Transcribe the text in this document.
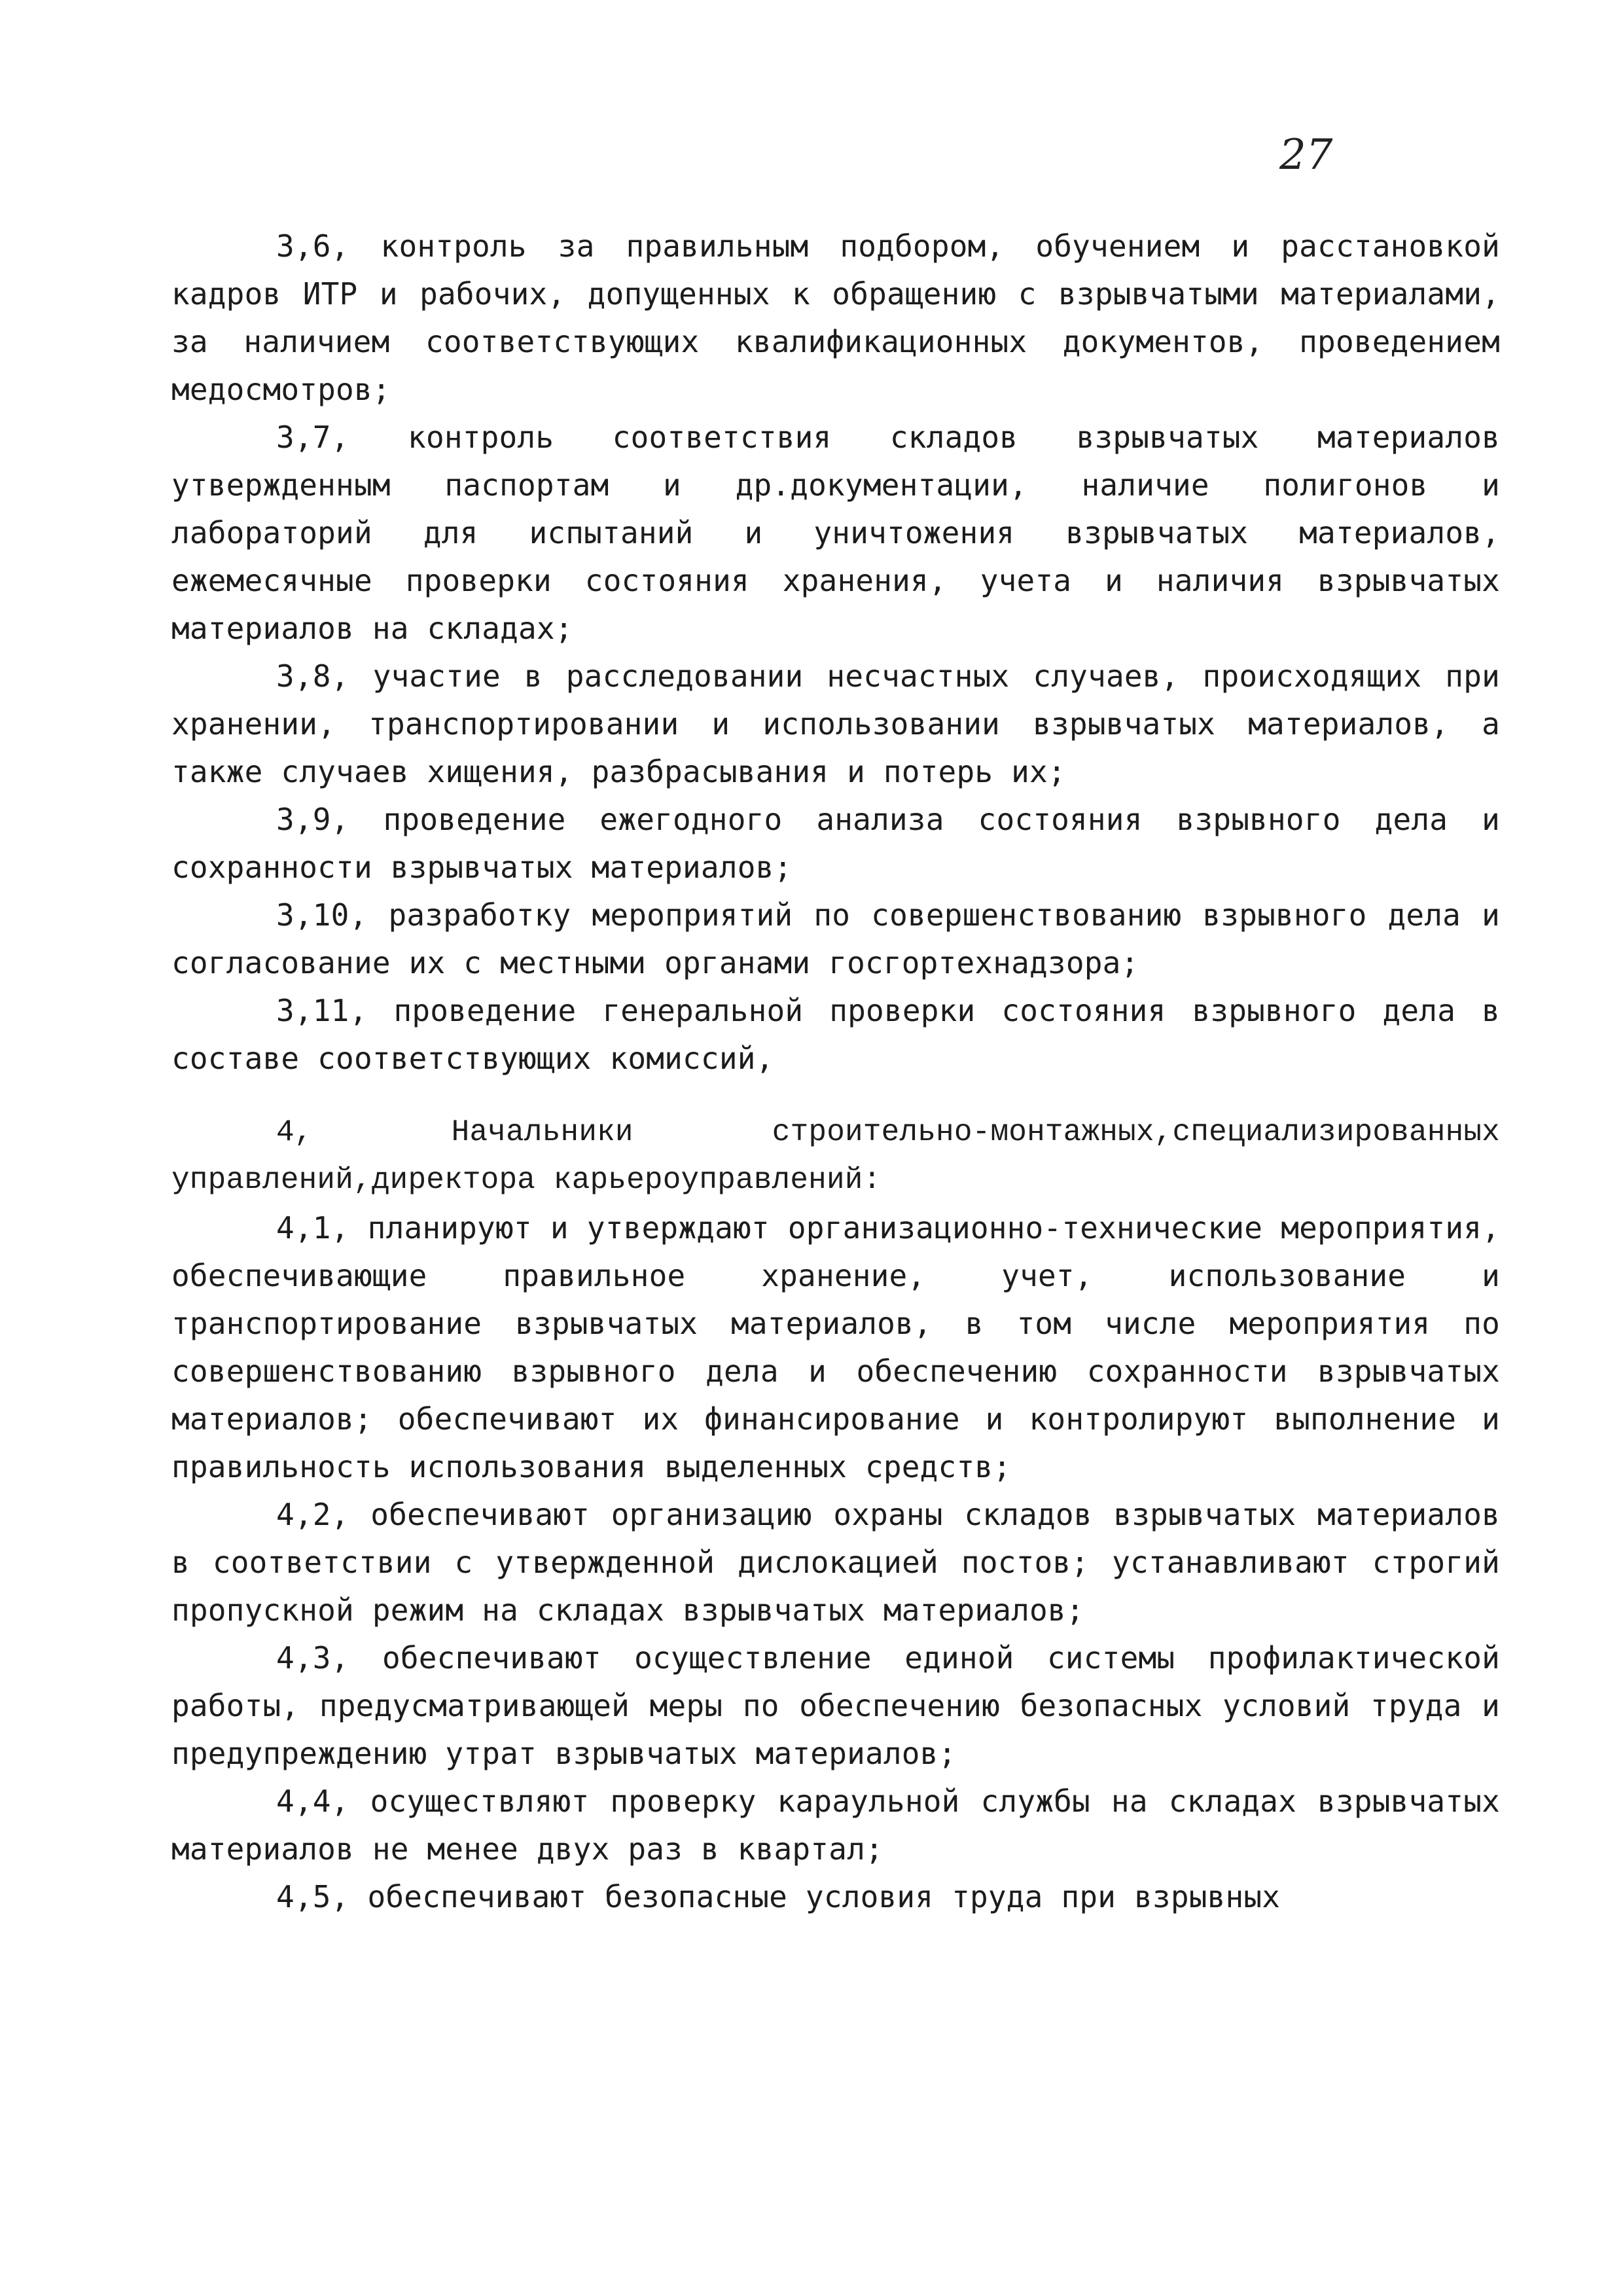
27

3,6, контроль за правильным подбором, обучением и расстановкой кадров ИТР и рабочих, допущенных к обращению с взрывчатыми материалами, за наличием соответствующих квалификационных документов, проведением медосмотров;

3,7, контроль соответствия складов взрывчатых материалов утвержденным паспортам и др.документации, наличие полигонов и лабораторий для испытаний и уничтожения взрывчатых материалов, ежемесячные проверки состояния хранения, учета и наличия взрывчатых материалов на складах;

3,8, участие в расследовании несчастных случаев, происходящих при хранении, транспортировании и использовании взрывчатых материалов, а также случаев хищения, разбрасывания и потерь их;

3,9, проведение ежегодного анализа состояния взрывного дела и сохранности взрывчатых материалов;

3,10, разработку мероприятий по совершенствованию взрывного дела и согласование их с местными органами госгортехнадзора;

3,11, проведение генеральной проверки состояния взрывного дела в составе соответствующих комиссий,

4, Начальники строительно-монтажных,специализированных управлений,директора карьероуправлений:

4,1, планируют и утверждают организационно-технические мероприятия, обеспечивающие правильное хранение, учет, использование и транспортирование взрывчатых материалов, в том числе мероприятия по совершенствованию взрывного дела и обеспечению сохранности взрывчатых материалов; обеспечивают их финансирование и контролируют выполнение и правильность использования выделенных средств;

4,2, обеспечивают организацию охраны складов взрывчатых материалов в соответствии с утвержденной дислокацией постов; устанавливают строгий пропускной режим на складах взрывчатых материалов;

4,3, обеспечивают осуществление единой системы профилактической работы, предусматривающей меры по обеспечению безопасных условий труда и предупреждению утрат взрывчатых материалов;

4,4, осуществляют проверку караульной службы на складах взрывчатых материалов не менее двух раз в квартал;

4,5, обеспечивают безопасные условия труда при взрывных
